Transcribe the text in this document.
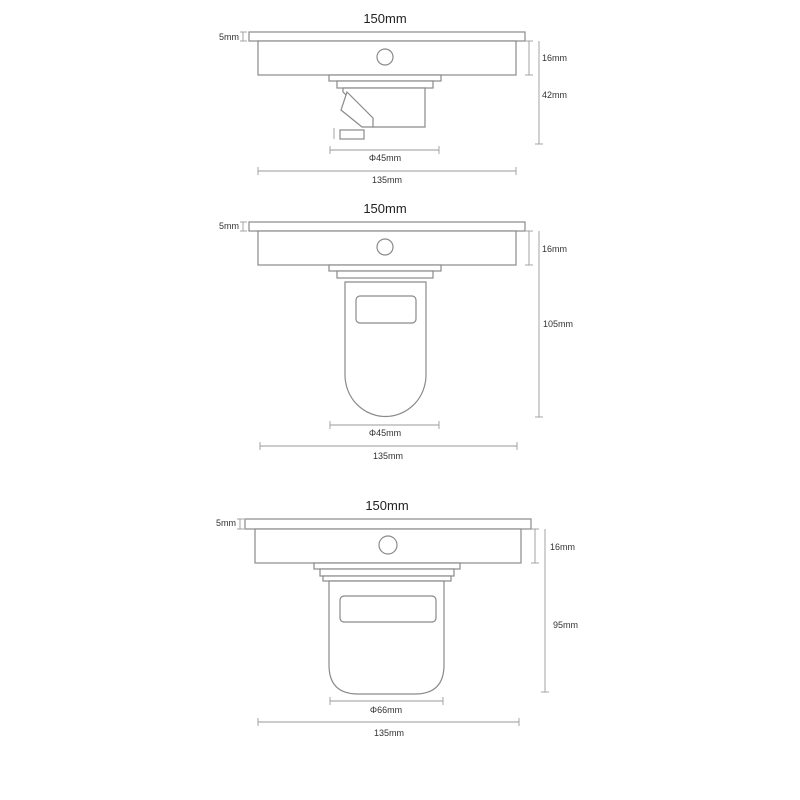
150mm
5mm
16mm
42mm
Φ45mm
135mm
150mm
5mm
16mm
105mm
Φ45mm
135mm
150mm
5mm
16mm
95mm
Φ66mm
135mm
